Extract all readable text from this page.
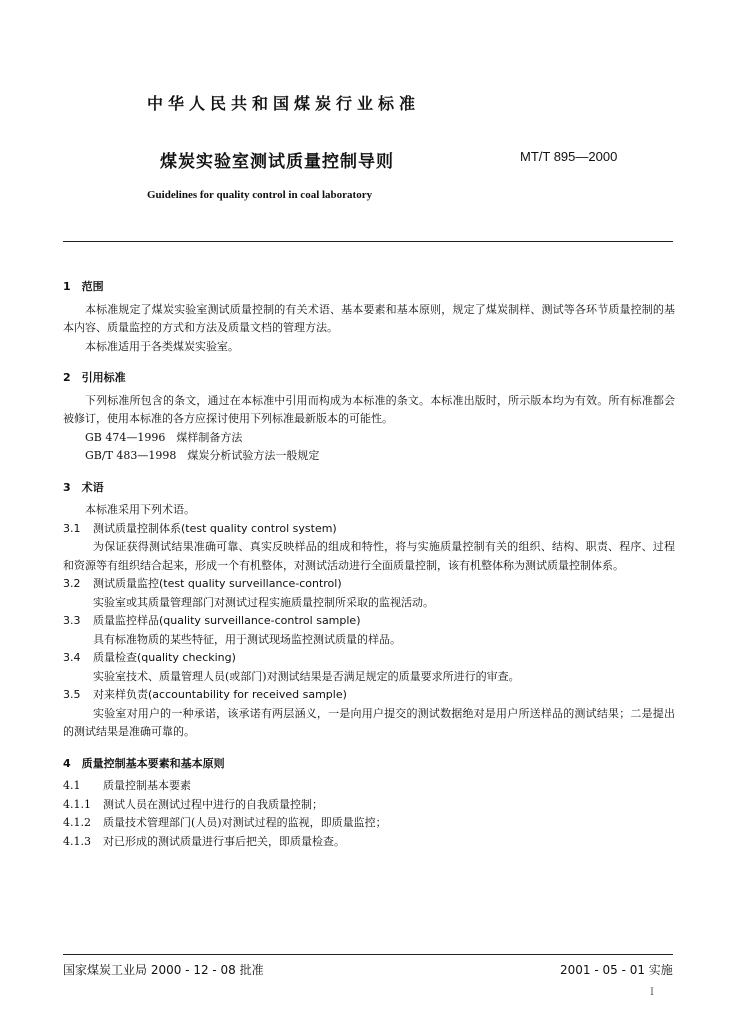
中华人民共和国煤炭行业标准
煤炭实验室测试质量控制导则	MT/T 895—2000
Guidelines for quality control in coal laboratory

1　范围

本标准规定了煤炭实验室测试质量控制的有关术语、基本要素和基本原则，规定了煤炭制样、测试等各环节质量控制的基本内容、质量监控的方式和方法及质量文档的管理方法。

本标准适用于各类煤炭实验室。

2　引用标准

下列标准所包含的条文，通过在本标准中引用而构成为本标准的条文。本标准出版时，所示版本均为有效。所有标准都会被修订，使用本标准的各方应探讨使用下列标准最新版本的可能性。

GB 474—1996　煤样制备方法

GB/T 483—1998　煤炭分析试验方法一般规定

3　术语

本标准采用下列术语。

3.1 测试质量控制体系(test quality control system)

为保证获得测试结果准确可靠、真实反映样品的组成和特性，将与实施质量控制有关的组织、结构、职责、程序、过程和资源等有组织结合起来，形成一个有机整体，对测试活动进行全面质量控制，该有机整体称为测试质量控制体系。

3.2 测试质量监控(test quality surveillance-control)

实验室或其质量管理部门对测试过程实施质量控制所采取的监视活动。

3.3 质量监控样品(quality surveillance-control sample)

具有标准物质的某些特征，用于测试现场监控测试质量的样品。

3.4 质量检查(quality checking)

实验室技术、质量管理人员(或部门)对测试结果是否满足规定的质量要求所进行的审查。

3.5 对来样负责(accountability for received sample)

实验室对用户的一种承诺，该承诺有两层涵义，一是向用户提交的测试数据绝对是用户所送样品的测试结果；二是提出的测试结果是准确可靠的。

4　质量控制基本要素和基本原则

4.1 质量控制基本要素

4.1.1 测试人员在测试过程中进行的自我质量控制；

4.1.2 质量技术管理部门(人员)对测试过程的监视，即质量监控；

4.1.3 对已形成的测试质量进行事后把关，即质量检查。

国家煤炭工业局 2000 - 12 - 08 批准	2001 - 05 - 01 实施
I
